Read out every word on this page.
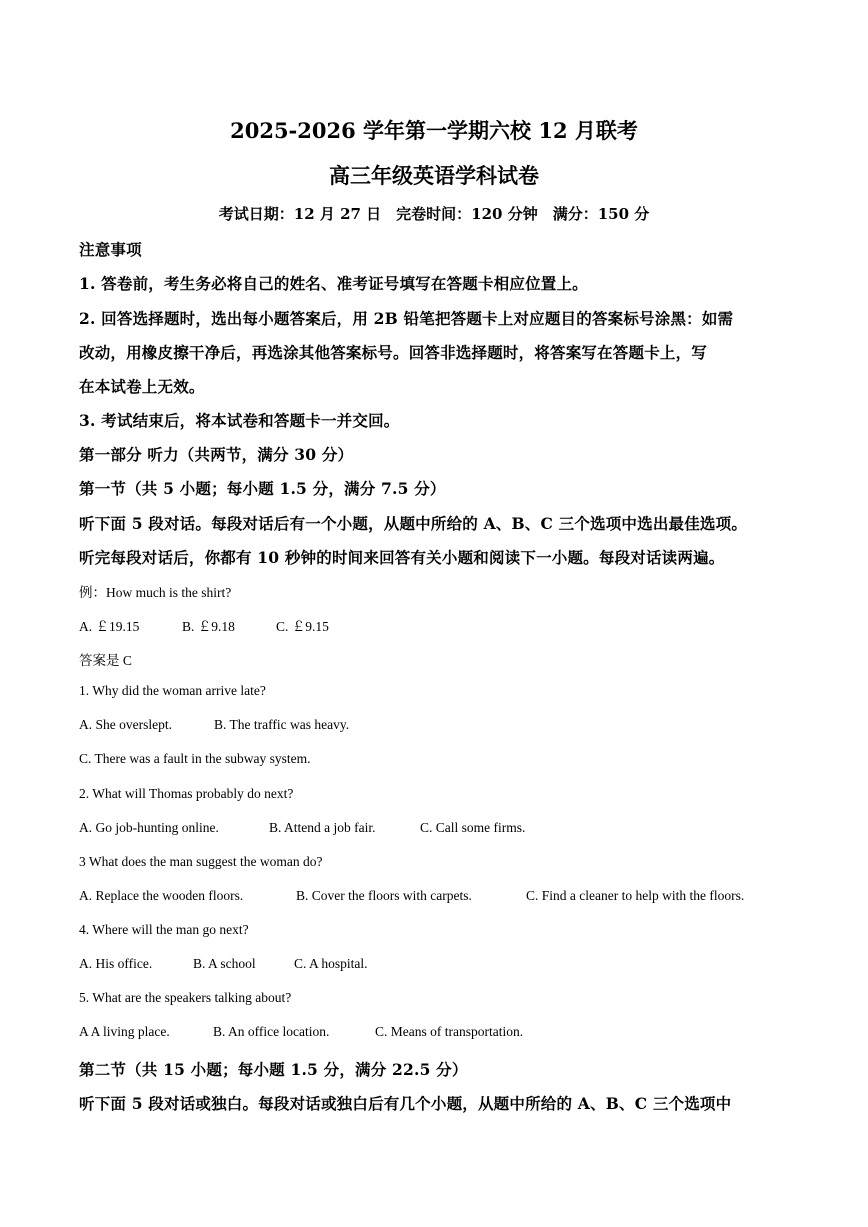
2025-2026 学年第一学期六校 12 月联考
高三年级英语学科试卷
考试日期：12 月 27 日　完卷时间：120 分钟　满分：150 分
注意事项
1. 答卷前，考生务必将自己的姓名、准考证号填写在答题卡相应位置上。
2. 回答选择题时，选出每小题答案后，用 2B 铅笔把答题卡上对应题目的答案标号涂黑：如需
改动，用橡皮擦干净后，再选涂其他答案标号。回答非选择题时，将答案写在答题卡上，写
在本试卷上无效。
3. 考试结束后，将本试卷和答题卡一并交回。
第一部分 听力（共两节，满分 30 分）
第一节（共 5 小题；每小题 1.5 分，满分 7.5 分）
听下面 5 段对话。每段对话后有一个小题，从题中所给的 A、B、C 三个选项中选出最佳选项。
听完每段对话后，你都有 10 秒钟的时间来回答有关小题和阅读下一小题。每段对话读两遍。
例：How much is the shirt?
A. ￡19.15	B. ￡9.18	C. ￡9.15
答案是 C
1. Why did the woman arrive late?
A. She overslept.	B. The traffic was heavy.
C. There was a fault in the subway system.
2. What will Thomas probably do next?
A. Go job-hunting online.	B. Attend a job fair.	C. Call some firms.
3 What does the man suggest the woman do?
A. Replace the wooden floors.	B. Cover the floors with carpets.	C. Find a cleaner to help with the floors.
4. Where will the man go next?
A. His office.	B. A school	C. A hospital.
5. What are the speakers talking about?
A A living place.	B. An office location.	C. Means of transportation.
第二节（共 15 小题；每小题 1.5 分，满分 22.5 分）
听下面 5 段对话或独白。每段对话或独白后有几个小题，从题中所给的 A、B、C 三个选项中
